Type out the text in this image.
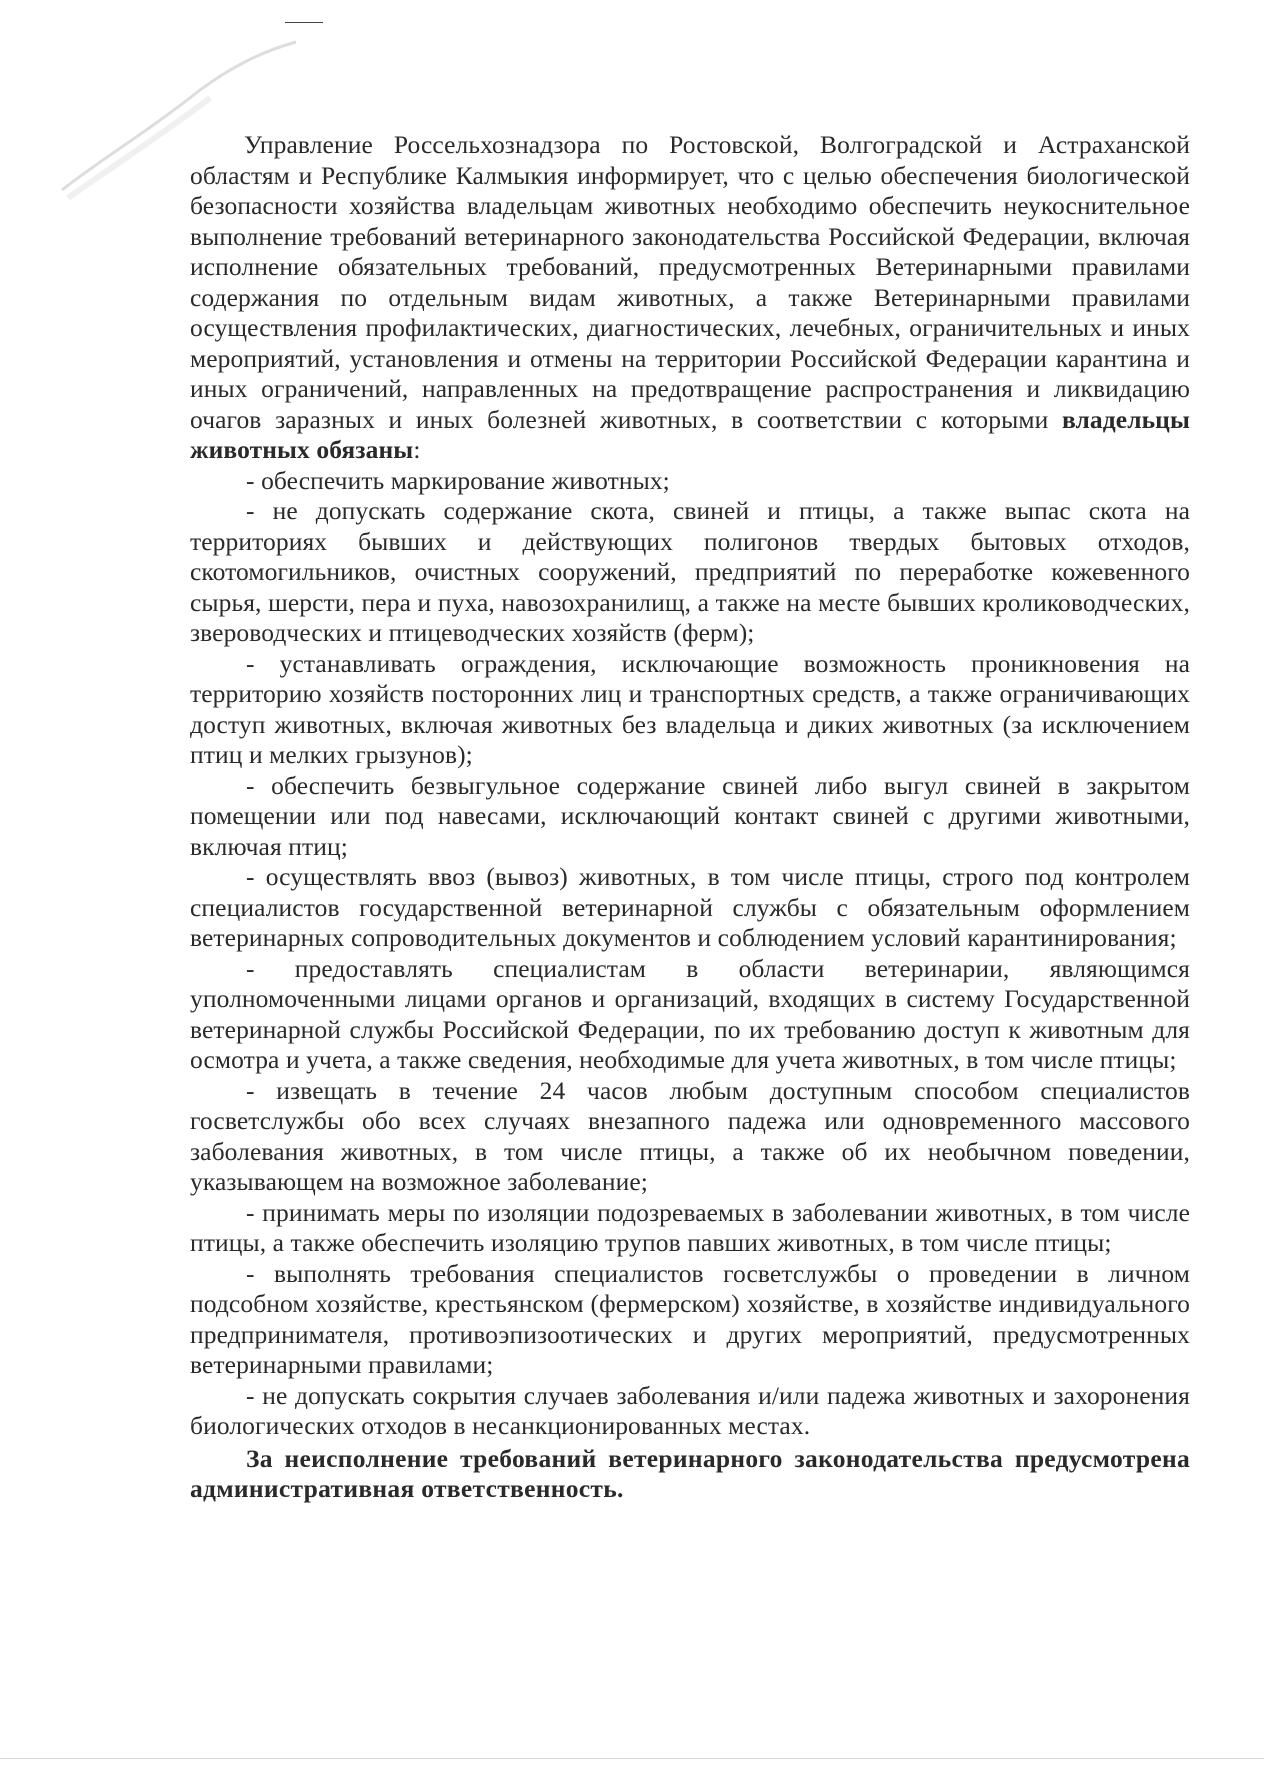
Управление Россельхознадзора по Ростовской, Волгоградской и Астраханской областям и Республике Калмыкия информирует, что с целью обеспечения биологической безопасности хозяйства владельцам животных необходимо обеспечить неукоснительное выполнение требований ветеринарного законодательства Российской Федерации, включая исполнение обязательных требований, предусмотренных Ветеринарными правилами содержания по отдельным видам животных, а также Ветеринарными правилами осуществления профилактических, диагностических, лечебных, ограничительных и иных мероприятий, установления и отмены на территории Российской Федерации карантина и иных ограничений, направленных на предотвращение распространения и ликвидацию очагов заразных и иных болезней животных, в соответствии с которыми владельцы животных обязаны:

- обеспечить маркирование животных;

- не допускать содержание скота, свиней и птицы, а также выпас скота на территориях бывших и действующих полигонов твердых бытовых отходов, скотомогильников, очистных сооружений, предприятий по переработке кожевенного сырья, шерсти, пера и пуха, навозохранилищ, а также на месте бывших кролиководческих, звероводческих и птицеводческих хозяйств (ферм);

- устанавливать ограждения, исключающие возможность проникновения на территорию хозяйств посторонних лиц и транспортных средств, а также ограничивающих доступ животных, включая животных без владельца и диких животных (за исключением птиц и мелких грызунов);

- обеспечить безвыгульное содержание свиней либо выгул свиней в закрытом помещении или под навесами, исключающий контакт свиней с другими животными, включая птиц;

- осуществлять ввоз (вывоз) животных, в том числе птицы, строго под контролем специалистов государственной ветеринарной службы с обязательным оформлением ветеринарных сопроводительных документов и соблюдением условий карантинирования;

- предоставлять специалистам в области ветеринарии, являющимся уполномоченными лицами органов и организаций, входящих в систему Государственной ветеринарной службы Российской Федерации, по их требованию доступ к животным для осмотра и учета, а также сведения, необходимые для учета животных, в том числе птицы;

- извещать в течение 24 часов любым доступным способом специалистов госветслужбы обо всех случаях внезапного падежа или одновременного массового заболевания животных, в том числе птицы, а также об их необычном поведении, указывающем на возможное заболевание;

- принимать меры по изоляции подозреваемых в заболевании животных, в том числе птицы, а также обеспечить изоляцию трупов павших животных, в том числе птицы;

- выполнять требования специалистов госветслужбы о проведении в личном подсобном хозяйстве, крестьянском (фермерском) хозяйстве, в хозяйстве индивидуального предпринимателя, противоэпизоотических и других мероприятий, предусмотренных ветеринарными правилами;

- не допускать сокрытия случаев заболевания и/или падежа животных и захоронения биологических отходов в несанкционированных местах.

За неисполнение требований ветеринарного законодательства предусмотрена административная ответственность.
